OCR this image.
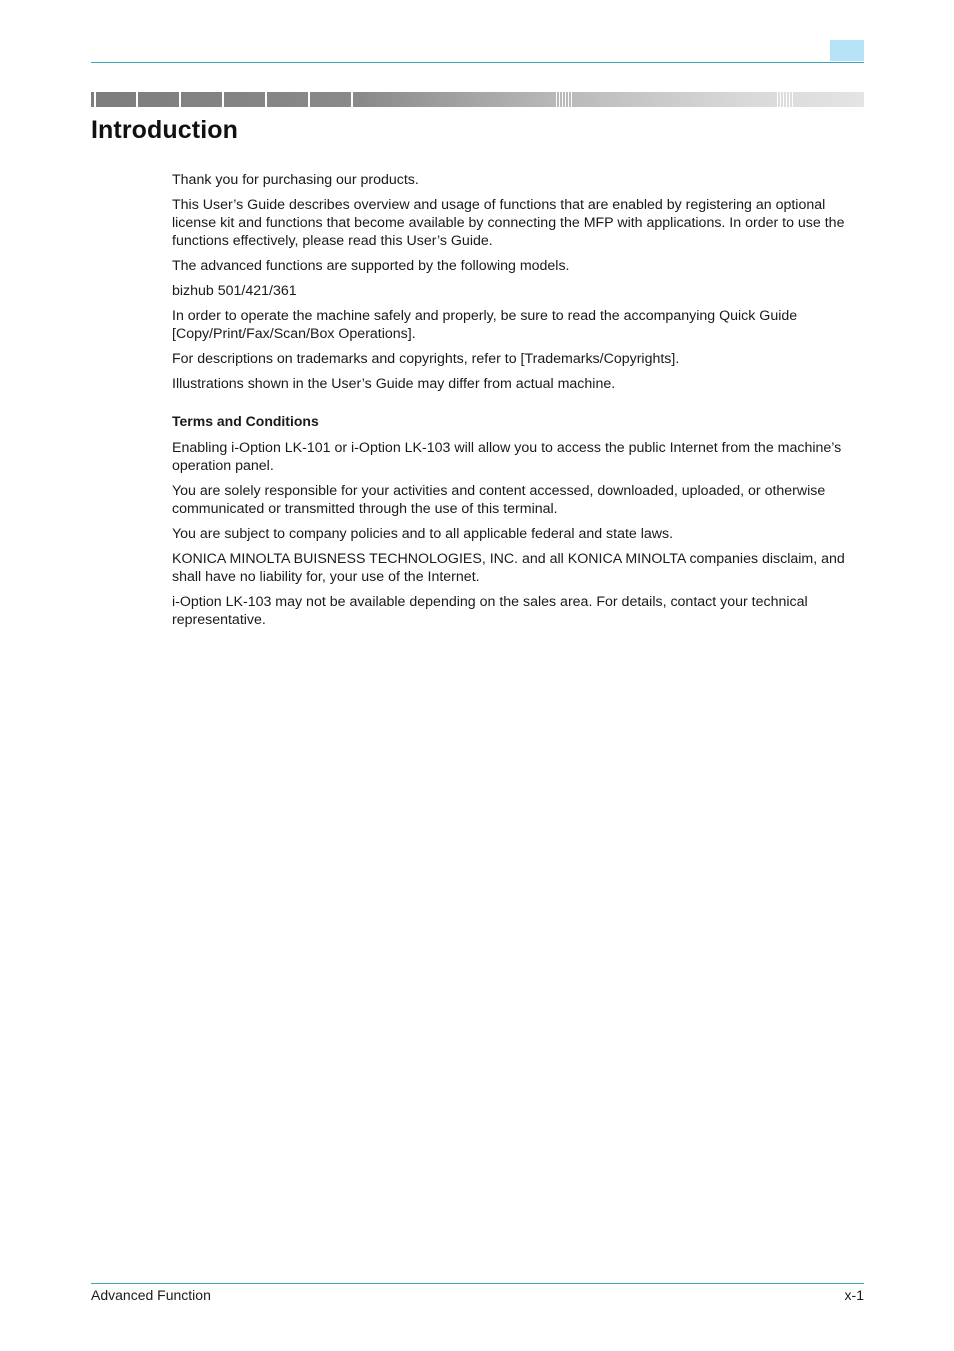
Introduction

Thank you for purchasing our products.

This User’s Guide describes overview and usage of functions that are enabled by registering an optional license kit and functions that become available by connecting the MFP with applications. In order to use the functions effectively, please read this User’s Guide.

The advanced functions are supported by the following models.

bizhub 501/421/361

In order to operate the machine safely and properly, be sure to read the accompanying Quick Guide [Copy/Print/Fax/Scan/Box Operations].

For descriptions on trademarks and copyrights, refer to [Trademarks/Copyrights].

Illustrations shown in the User’s Guide may differ from actual machine.

Terms and Conditions

Enabling i-Option LK-101 or i-Option LK-103 will allow you to access the public Internet from the machine’s operation panel.

You are solely responsible for your activities and content accessed, downloaded, uploaded, or otherwise communicated or transmitted through the use of this terminal.

You are subject to company policies and to all applicable federal and state laws.

KONICA MINOLTA BUISNESS TECHNOLOGIES, INC. and all KONICA MINOLTA companies disclaim, and shall have no liability for, your use of the Internet.

i-Option LK-103 may not be available depending on the sales area. For details, contact your technical representative.

Advanced Function	x-1
